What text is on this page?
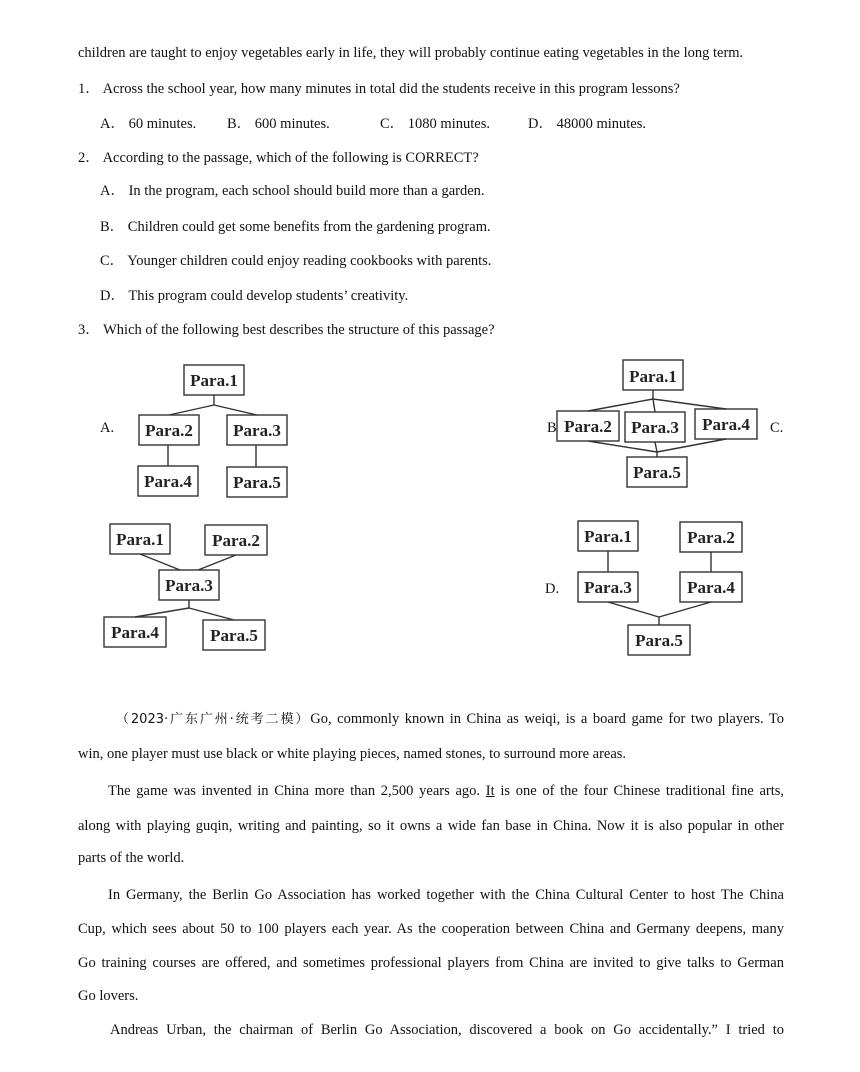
children are taught to enjoy vegetables early in life, they will probably continue eating vegetables in the long term.
1． Across the school year, how many minutes in total did the students receive in this program lessons?
A． 60 minutes. B． 600 minutes.	C． 1080 minutes.	D． 48000 minutes.
2． According to the passage, which of the following is CORRECT?
A． In the program, each school should build more than a garden.
B． Children could get some benefits from the gardening program.
C． Younger children could enjoy reading cookbooks with parents.
D． This program could develop students’ creativity.
3． Which of the following best describes the structure of this passage?
A.	B	C.
D.
Para.1
Para.2 Para.3
Para.4 Para.5
Para.1
Para.2 Para.3 Para.4
Para.5
Para.1	Para.2
Para.3
Para.4	Para.5
Para.1	Para.2
Para.3	Para.4
Para.5
（2023·广东广州·统考二模）Go, commonly known in China as weiqi, is a board game for two players. To
win, one player must use black or white playing pieces, named stones, to surround more areas.
The game was invented in China more than 2,500 years ago. It is one of the four Chinese traditional fine arts,
along with playing guqin, writing and painting, so it owns a wide fan base in China. Now it is also popular in other
parts of the world.
In Germany, the Berlin Go Association has worked together with the China Cultural Center to host The China
Cup, which sees about 50 to 100 players each year. As the cooperation between China and Germany deepens, many
Go training courses are offered, and sometimes professional players from China are invited to give talks to German
Go lovers.
Andreas Urban, the chairman of Berlin Go Association, discovered a book on Go accidentally.” I tried to
